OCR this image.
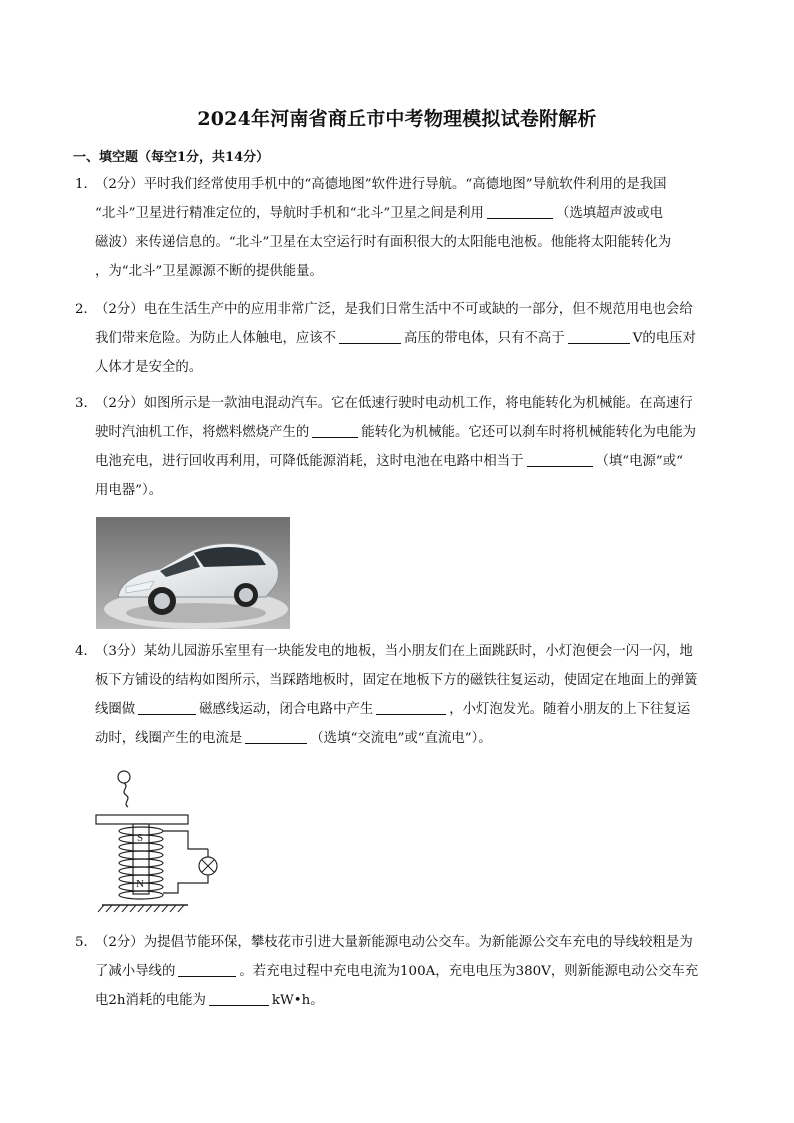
2024年河南省商丘市中考物理模拟试卷附解析
一、填空题（每空1分，共14分）

1．（2分）平时我们经常使用手机中的“高德地图”软件进行导航。“高德地图”导航软件利用的是我国

“北斗”卫星进行精准定位的，导航时手机和“北斗”卫星之间是利用	（选填超声波或电

磁波）来传递信息的。“北斗”卫星在太空运行时有面积很大的太阳能电池板。他能将太阳能转化为

，为“北斗”卫星源源不断的提供能量。

2．（2分）电在生活生产中的应用非常广泛，是我们日常生活中不可或缺的一部分，但不规范用电也会给

我们带来危险。为防止人体触电，应该不	高压的带电体，只有不高于	V的电压对

人体才是安全的。

3．（2分）如图所示是一款油电混动汽车。它在低速行驶时电动机工作，将电能转化为机械能。在高速行

驶时汽油机工作，将燃料燃烧产生的	能转化为机械能。它还可以刹车时将机械能转化为电能为

电池充电，进行回收再利用，可降低能源消耗，这时电池在电路中相当于	（填“电源”或“

用电器”）。

4．（3分）某幼儿园游乐室里有一块能发电的地板，当小朋友们在上面跳跃时，小灯泡便会一闪一闪，地

板下方铺设的结构如图所示，当踩踏地板时，固定在地板下方的磁铁往复运动，使固定在地面上的弹簧

线圈做	磁感线运动，闭合电路中产生	，小灯泡发光。随着小朋友的上下往复运

动时，线圈产生的电流是	（选填“交流电”或“直流电”）。

S
N

5．（2分）为提倡节能环保，攀枝花市引进大量新能源电动公交车。为新能源公交车充电的导线较粗是为

了减小导线的	。若充电过程中充电电流为100A，充电电压为380V，则新能源电动公交车充

电2h消耗的电能为	kW•h。
